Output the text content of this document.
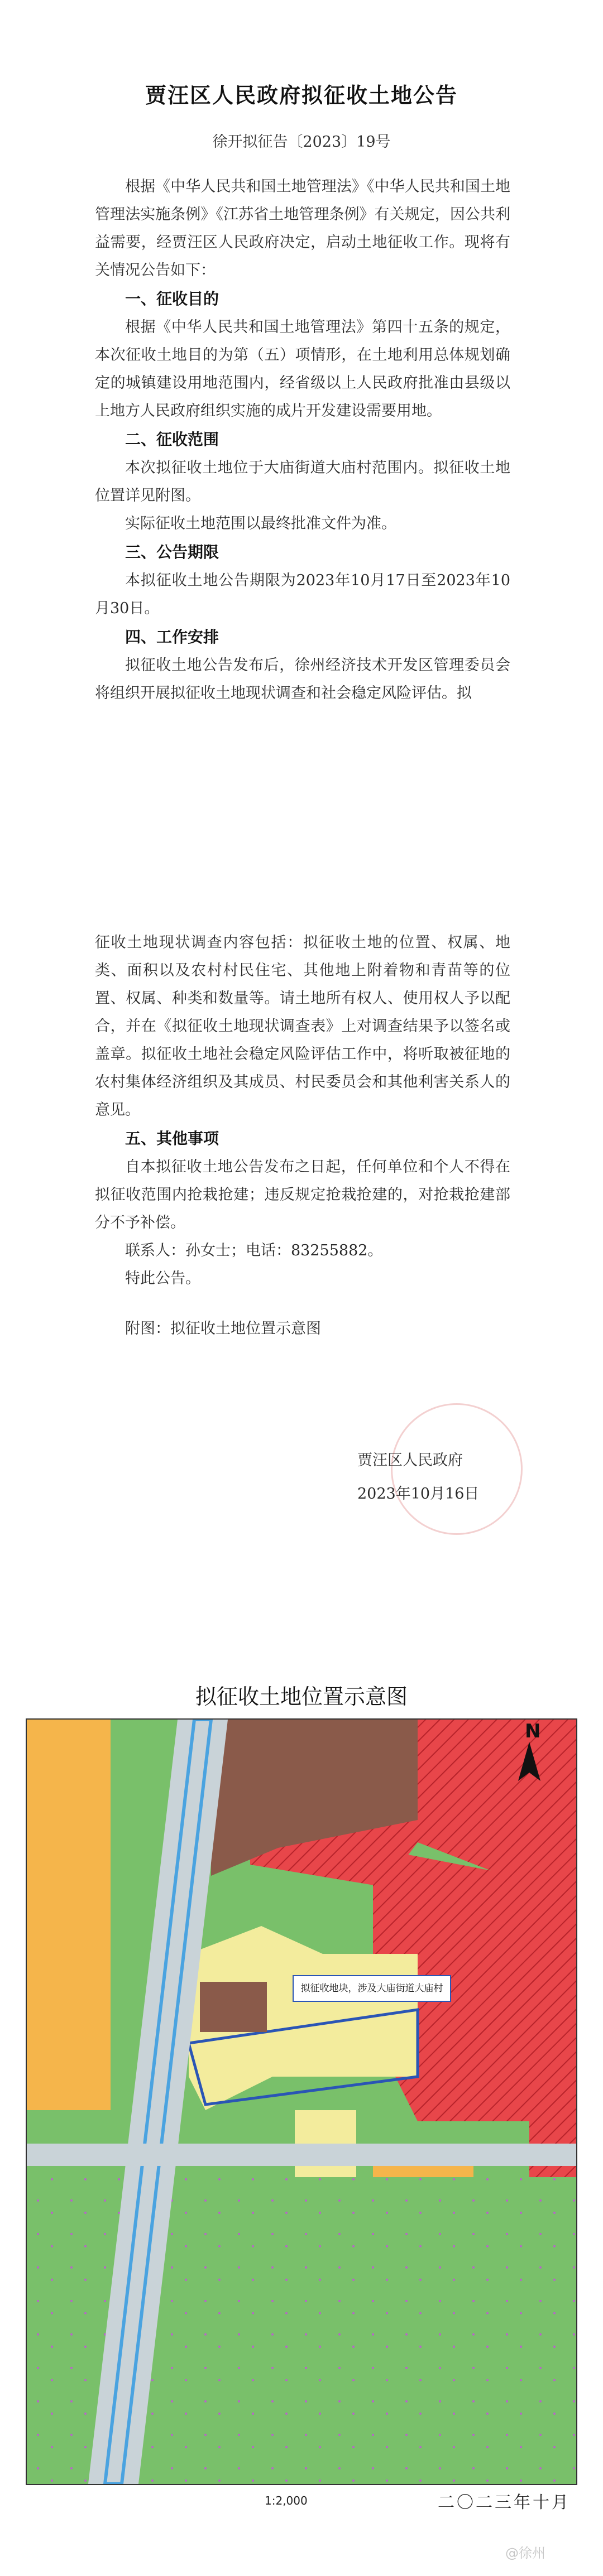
贾汪区人民政府拟征收土地公告
徐开拟征告〔2023〕19号

根据《中华人民共和国土地管理法》《中华人民共和国土地管理法实施条例》《江苏省土地管理条例》有关规定，因公共利益需要，经贾汪区人民政府决定，启动土地征收工作。现将有关情况公告如下：

一、征收目的

根据《中华人民共和国土地管理法》第四十五条的规定，本次征收土地目的为第（五）项情形，在土地利用总体规划确定的城镇建设用地范围内，经省级以上人民政府批准由县级以上地方人民政府组织实施的成片开发建设需要用地。

二、征收范围

本次拟征收土地位于大庙街道大庙村范围内。拟征收土地位置详见附图。

实际征收土地范围以最终批准文件为准。

三、公告期限

本拟征收土地公告期限为2023年10月17日至2023年10月30日。

四、工作安排

拟征收土地公告发布后，徐州经济技术开发区管理委员会将组织开展拟征收土地现状调查和社会稳定风险评估。拟

征收土地现状调查内容包括：拟征收土地的位置、权属、地类、面积以及农村村民住宅、其他地上附着物和青苗等的位置、权属、种类和数量等。请土地所有权人、使用权人予以配合，并在《拟征收土地现状调查表》上对调查结果予以签名或盖章。拟征收土地社会稳定风险评估工作中，将听取被征地的农村集体经济组织及其成员、村民委员会和其他利害关系人的意见。

五、其他事项

自本拟征收土地公告发布之日起，任何单位和个人不得在拟征收范围内抢栽抢建；违反规定抢栽抢建的，对抢栽抢建部分不予补偿。

联系人：孙女士；电话：83255882。

特此公告。

附图：拟征收土地位置示意图

贾汪区人民政府
2023年10月16日
拟征收土地位置示意图
N
1:2,000	二〇二三年十月
拟征收地块，涉及大庙街道大庙村
@徐州
